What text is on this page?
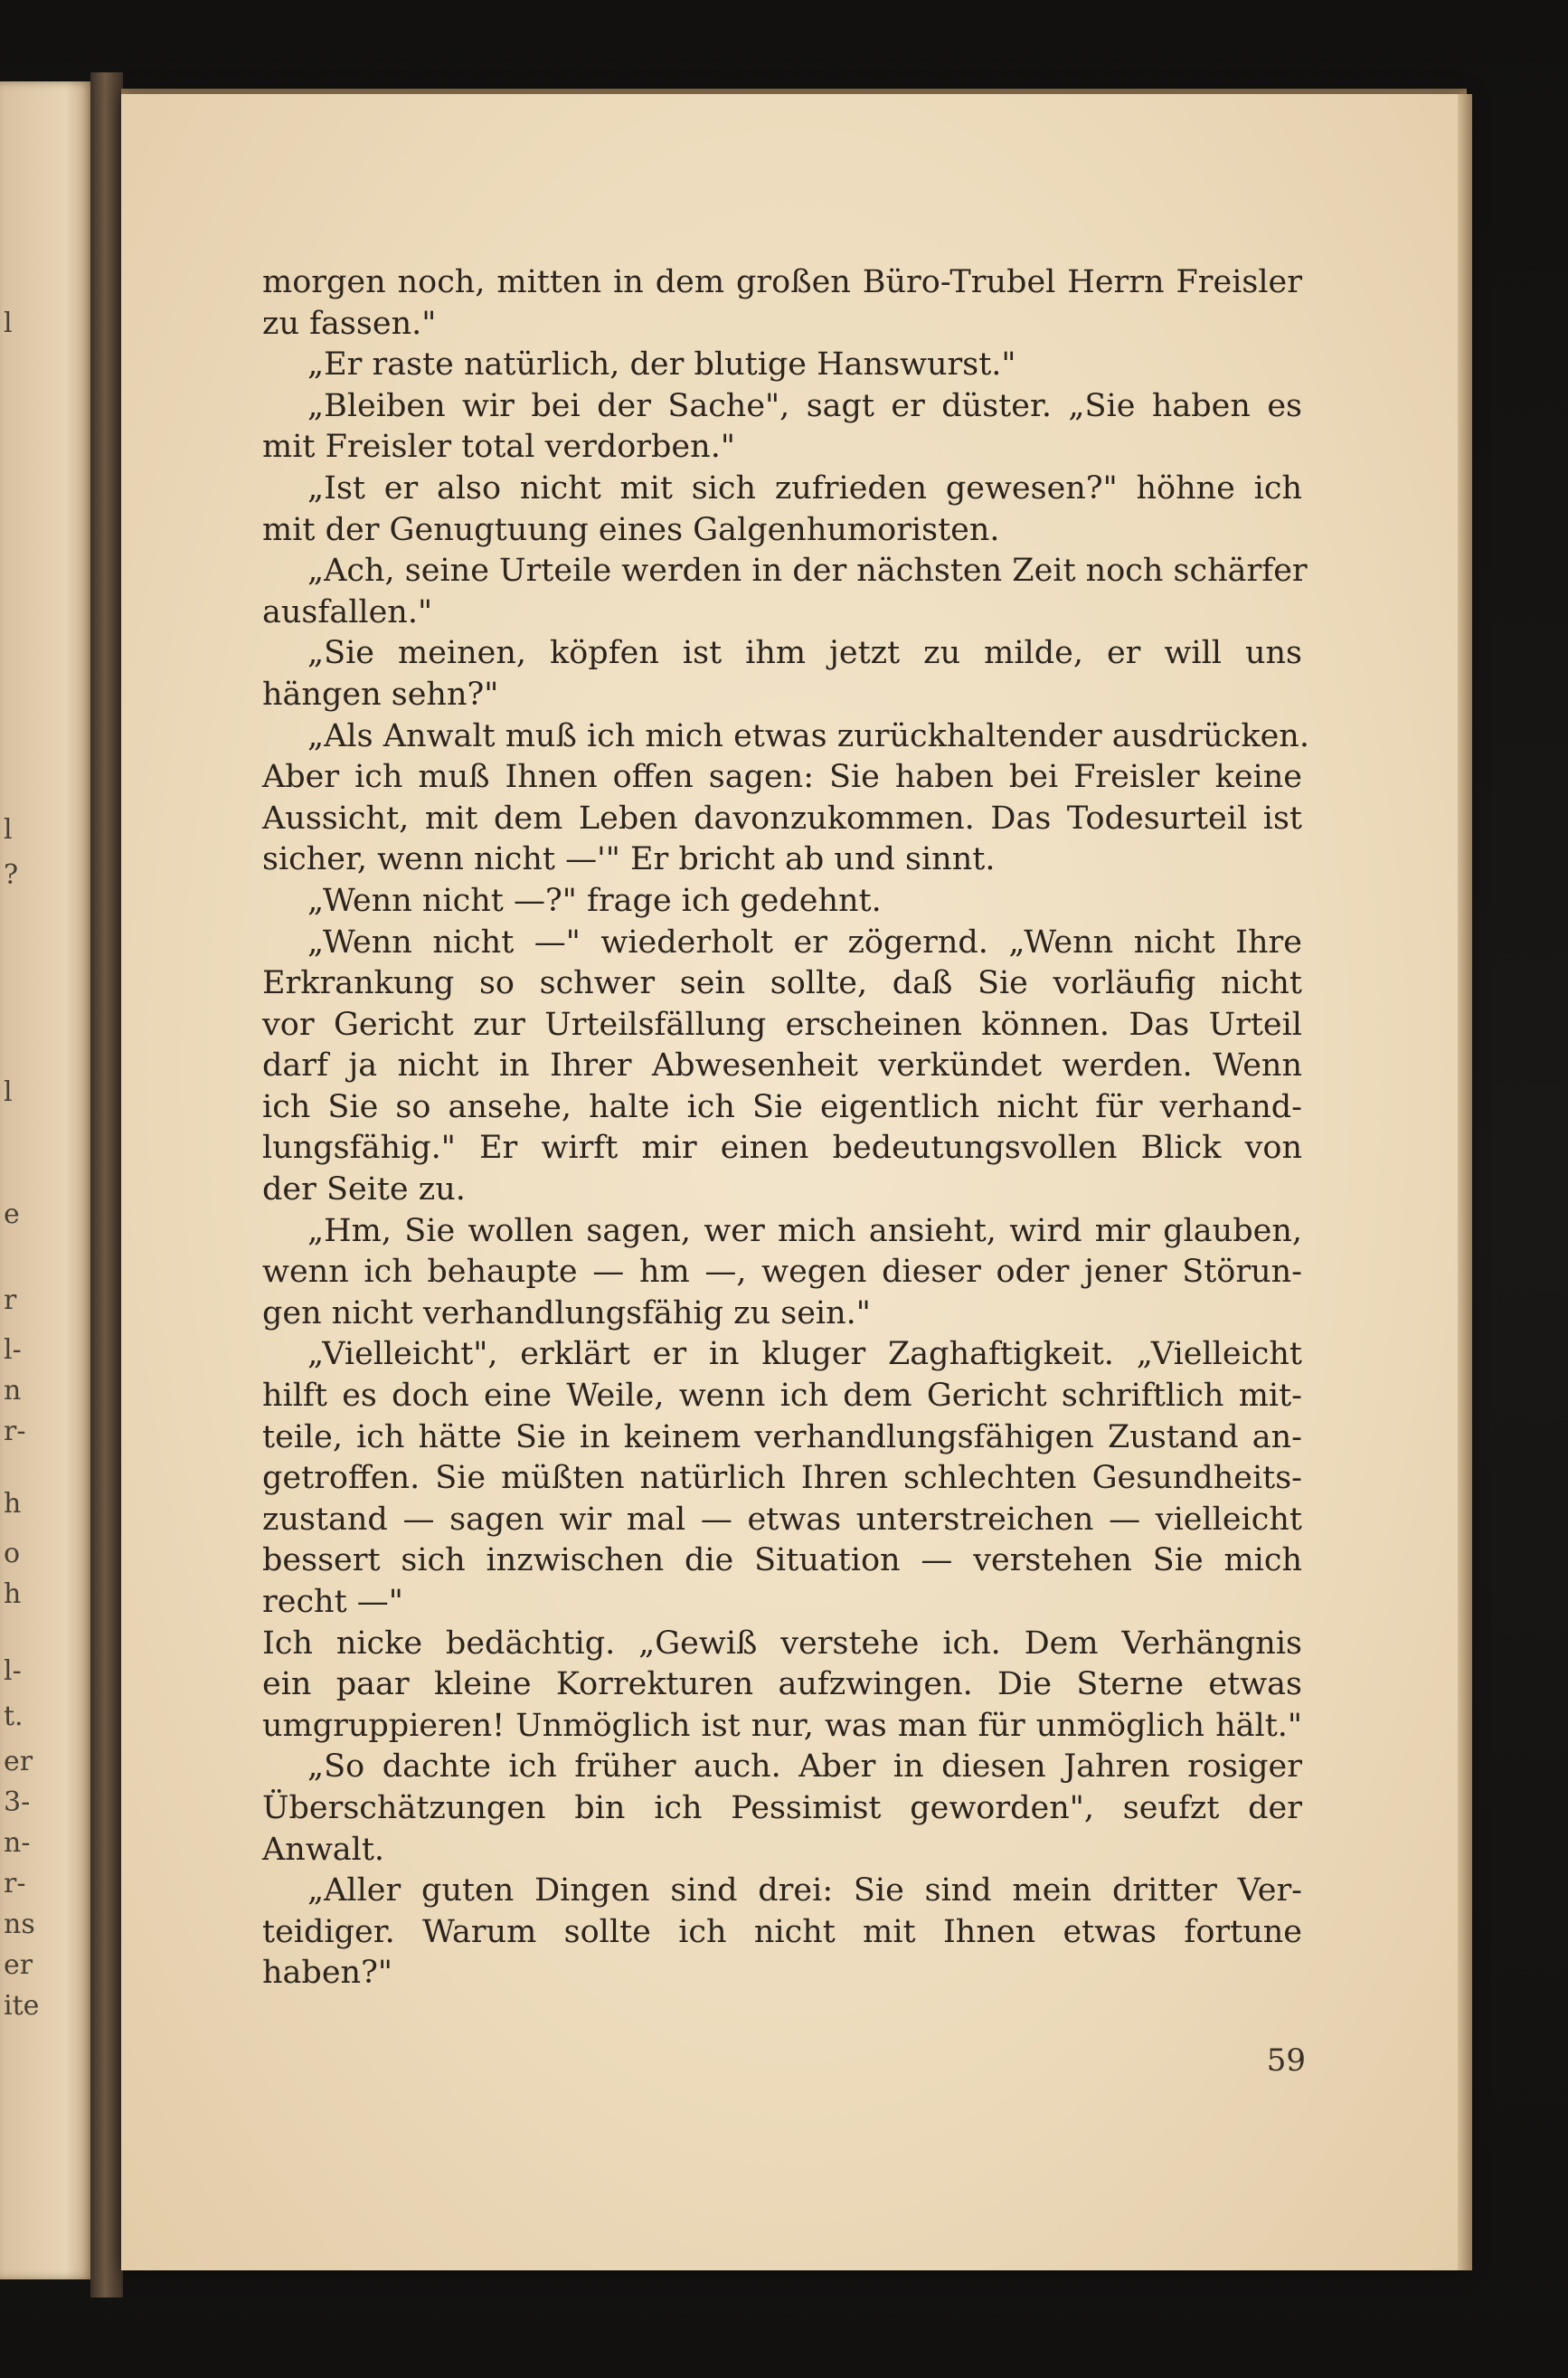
l
l
?
l
e
r
l-
n
r-
h
o
h
l-
t.
er
3-
n-
r-
ns
er
ite
morgen noch, mitten in dem großen Büro-Trubel Herrn Freisler
zu fassen."
„Er raste natürlich, der blutige Hanswurst."
„Bleiben wir bei der Sache", sagt er düster. „Sie haben es
mit Freisler total verdorben."
„Ist er also nicht mit sich zufrieden gewesen?" höhne ich
mit der Genugtuung eines Galgenhumoristen.
„Ach, seine Urteile werden in der nächsten Zeit noch schärfer
ausfallen."
„Sie meinen, köpfen ist ihm jetzt zu milde, er will uns
hängen sehn?"
„Als Anwalt muß ich mich etwas zurückhaltender ausdrücken.
Aber ich muß Ihnen offen sagen: Sie haben bei Freisler keine
Aussicht, mit dem Leben davonzukommen. Das Todesurteil ist
sicher, wenn nicht —'" Er bricht ab und sinnt.
„Wenn nicht —?" frage ich gedehnt.
„Wenn nicht —" wiederholt er zögernd. „Wenn nicht Ihre
Erkrankung so schwer sein sollte, daß Sie vorläufig nicht
vor Gericht zur Urteilsfällung erscheinen können. Das Urteil
darf ja nicht in Ihrer Abwesenheit verkündet werden. Wenn
ich Sie so ansehe, halte ich Sie eigentlich nicht für verhand-
lungsfähig." Er wirft mir einen bedeutungsvollen Blick von
der Seite zu.
„Hm, Sie wollen sagen, wer mich ansieht, wird mir glauben,
wenn ich behaupte — hm —, wegen dieser oder jener Störun-
gen nicht verhandlungsfähig zu sein."
„Vielleicht", erklärt er in kluger Zaghaftigkeit. „Vielleicht
hilft es doch eine Weile, wenn ich dem Gericht schriftlich mit-
teile, ich hätte Sie in keinem verhandlungsfähigen Zustand an-
getroffen. Sie müßten natürlich Ihren schlechten Gesundheits-
zustand — sagen wir mal — etwas unterstreichen — vielleicht
bessert sich inzwischen die Situation — verstehen Sie mich
recht —"
Ich nicke bedächtig. „Gewiß verstehe ich. Dem Verhängnis
ein paar kleine Korrekturen aufzwingen. Die Sterne etwas
umgruppieren! Unmöglich ist nur, was man für unmöglich hält."
„So dachte ich früher auch. Aber in diesen Jahren rosiger
Überschätzungen bin ich Pessimist geworden", seufzt der
Anwalt.
„Aller guten Dingen sind drei: Sie sind mein dritter Ver-
teidiger. Warum sollte ich nicht mit Ihnen etwas fortune
haben?"
59
